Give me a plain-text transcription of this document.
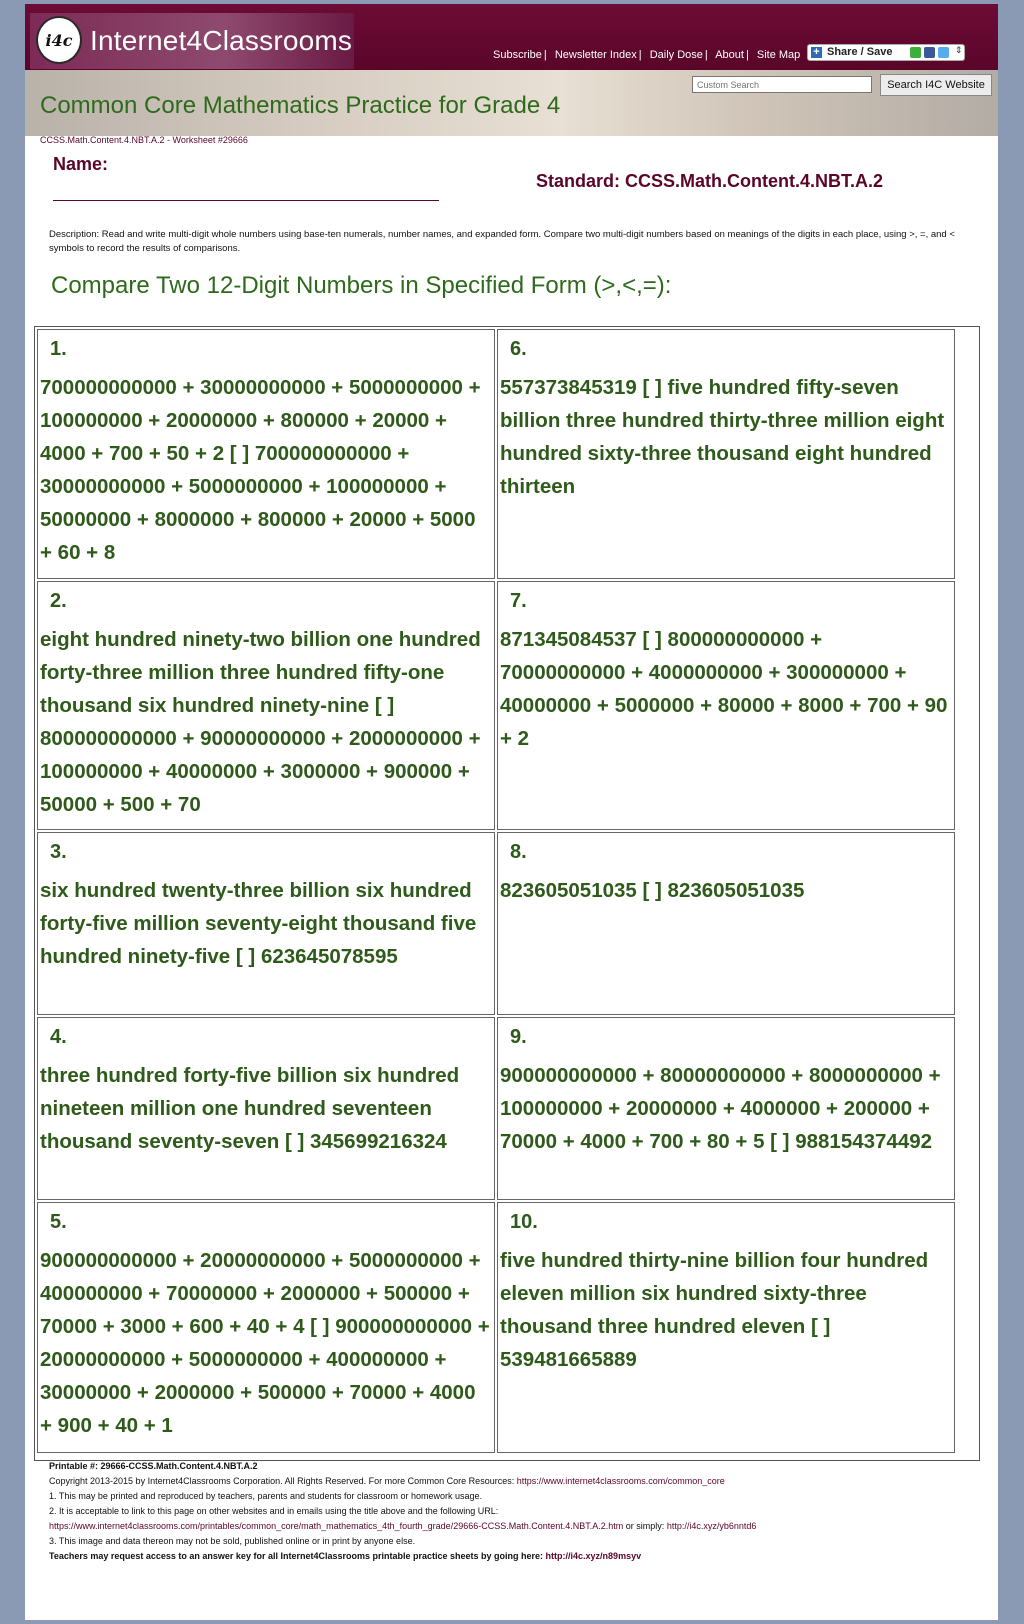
i4c Internet4Classrooms	Subscribe | Newsletter Index | Daily Dose | About | Site Map + Share / Save	⇕
Custom Search
Search I4C Website
Common Core Mathematics Practice for Grade 4
CCSS.Math.Content.4.NBT.A.2 - Worksheet #29666
Name:
Standard: CCSS.Math.Content.4.NBT.A.2
Description: Read and write multi-digit whole numbers using base-ten numerals, number names, and expanded form. Compare two multi-digit numbers based on meanings of the digits in each place, using >, =, and < symbols to record the results of comparisons.
Compare Two 12-Digit Numbers in Specified Form (>,<,=):
1.
700000000000 + 30000000000 + 5000000000 + 100000000 + 20000000 + 800000 + 20000 + 4000 + 700 + 50 + 2 [ ] 700000000000 + 30000000000 + 5000000000 + 100000000 + 50000000 + 8000000 + 800000 + 20000 + 5000 + 60 + 8
6.
557373845319 [ ] five hundred fifty-seven billion three hundred thirty-three million eight hundred sixty-three thousand eight hundred thirteen
2.
eight hundred ninety-two billion one hundred forty-three million three hundred fifty-one thousand six hundred ninety-nine [ ] 800000000000 + 90000000000 + 2000000000 + 100000000 + 40000000 + 3000000 + 900000 + 50000 + 500 + 70
7.
871345084537 [ ] 800000000000 + 70000000000 + 4000000000 + 300000000 + 40000000 + 5000000 + 80000 + 8000 + 700 + 90 + 2
3.
six hundred twenty-three billion six hundred forty-five million seventy-eight thousand five hundred ninety-five [ ] 623645078595
8.
823605051035 [ ] 823605051035
4.
three hundred forty-five billion six hundred nineteen million one hundred seventeen thousand seventy-seven [ ] 345699216324
9.
900000000000 + 80000000000 + 8000000000 + 100000000 + 20000000 + 4000000 + 200000 + 70000 + 4000 + 700 + 80 + 5 [ ] 988154374492
5.
900000000000 + 20000000000 + 5000000000 + 400000000 + 70000000 + 2000000 + 500000 + 70000 + 3000 + 600 + 40 + 4 [ ] 900000000000 + 20000000000 + 5000000000 + 400000000 + 30000000 + 2000000 + 500000 + 70000 + 4000 + 900 + 40 + 1
10.
five hundred thirty-nine billion four hundred eleven million six hundred sixty-three thousand three hundred eleven [ ] 539481665889
Printable #: 29666-CCSS.Math.Content.4.NBT.A.2
Copyright 2013-2015 by Internet4Classrooms Corporation. All Rights Reserved. For more Common Core Resources: https://www.internet4classrooms.com/common_core
1. This may be printed and reproduced by teachers, parents and students for classroom or homework usage.
2. It is acceptable to link to this page on other websites and in emails using the title above and the following URL:
https://www.internet4classrooms.com/printables/common_core/math_mathematics_4th_fourth_grade/29666-CCSS.Math.Content.4.NBT.A.2.htm or simply: http://i4c.xyz/yb6nntd6
3. This image and data thereon may not be sold, published online or in print by anyone else.
Teachers may request access to an answer key for all Internet4Classrooms printable practice sheets by going here: http://i4c.xyz/n89msyv
